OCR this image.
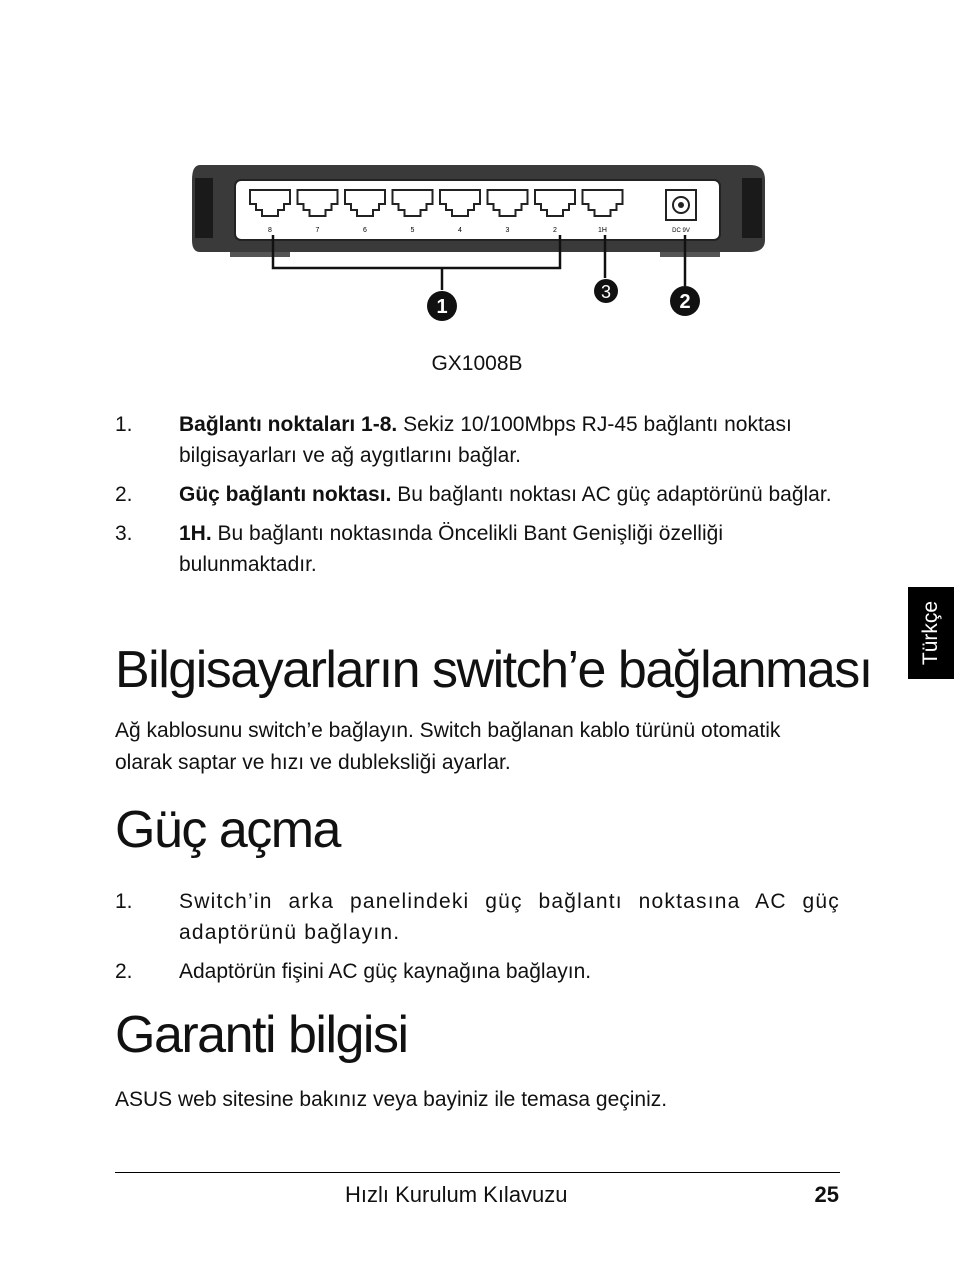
8	7	6	5	4	3	2	1H	DC 9V
1	2
3
GX1008B
1.	Bağlantı noktaları 1-8. Sekiz 10/100Mbps RJ-45 bağlantı noktası bilgisayarları ve ağ aygıtlarını bağlar.
2.	Güç bağlantı noktası. Bu bağlantı noktası AC güç adaptörünü bağlar.
3.	1H. Bu bağlantı noktasında Öncelikli Bant Genişliği özelliği bulunmaktadır.
Bilgisayarların switch’e bağlanması

Ağ kablosunu switch’e bağlayın. Switch bağlanan kablo türünü otomatik olarak saptar ve hızı ve dubleksliği ayarlar.

Güç açma
1.	Switch’in arka panelindeki güç bağlantı noktasına AC güç adaptörünü bağlayın.
2.	Adaptörün fişini AC güç kaynağına bağlayın.
Garanti bilgisi

ASUS web sitesine bakınız veya bayiniz ile temasa geçiniz.

Türkçe
Hızlı Kurulum Kılavuzu	25
